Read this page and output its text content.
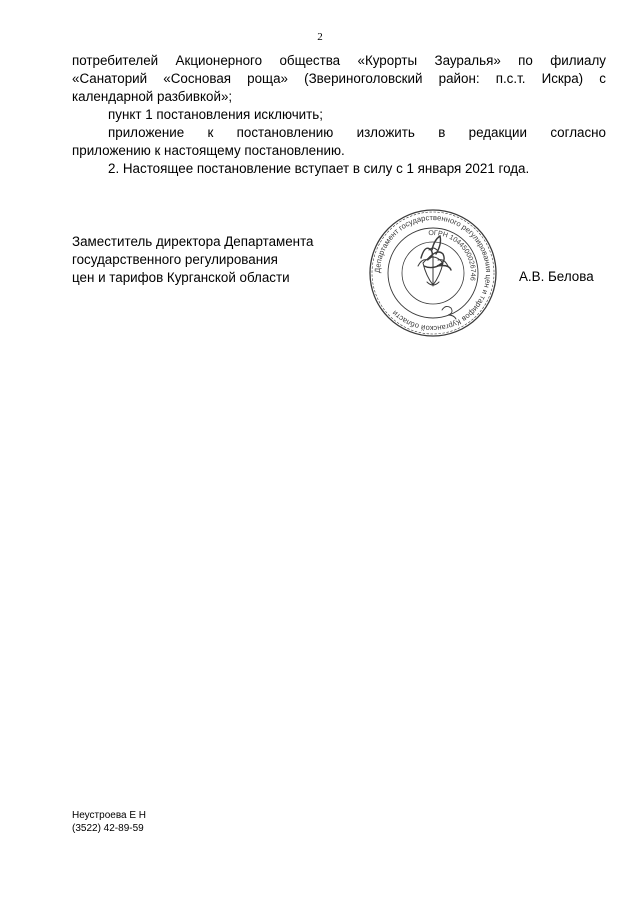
2

потребителей Акционерного общества «Курорты Зауралья» по филиалу
«Санаторий «Сосновая роща» (Звериноголовский район: п.с.т. Искра) с
календарной разбивкой»;

пункт 1 постановления исключить;

приложение к постановлению изложить в редакции согласно
приложению к настоящему постановлению.

2. Настоящее постановление вступает в силу с 1 января 2021 года.

Заместитель директора Департамента
государственного регулирования
цен и тарифов Курганской области	Департамент государственного регулирования цен и тарифов Курганской области
ОГРН 1044500026746	А.В. Белова
Неустроева Е Н
(3522) 42-89-59
